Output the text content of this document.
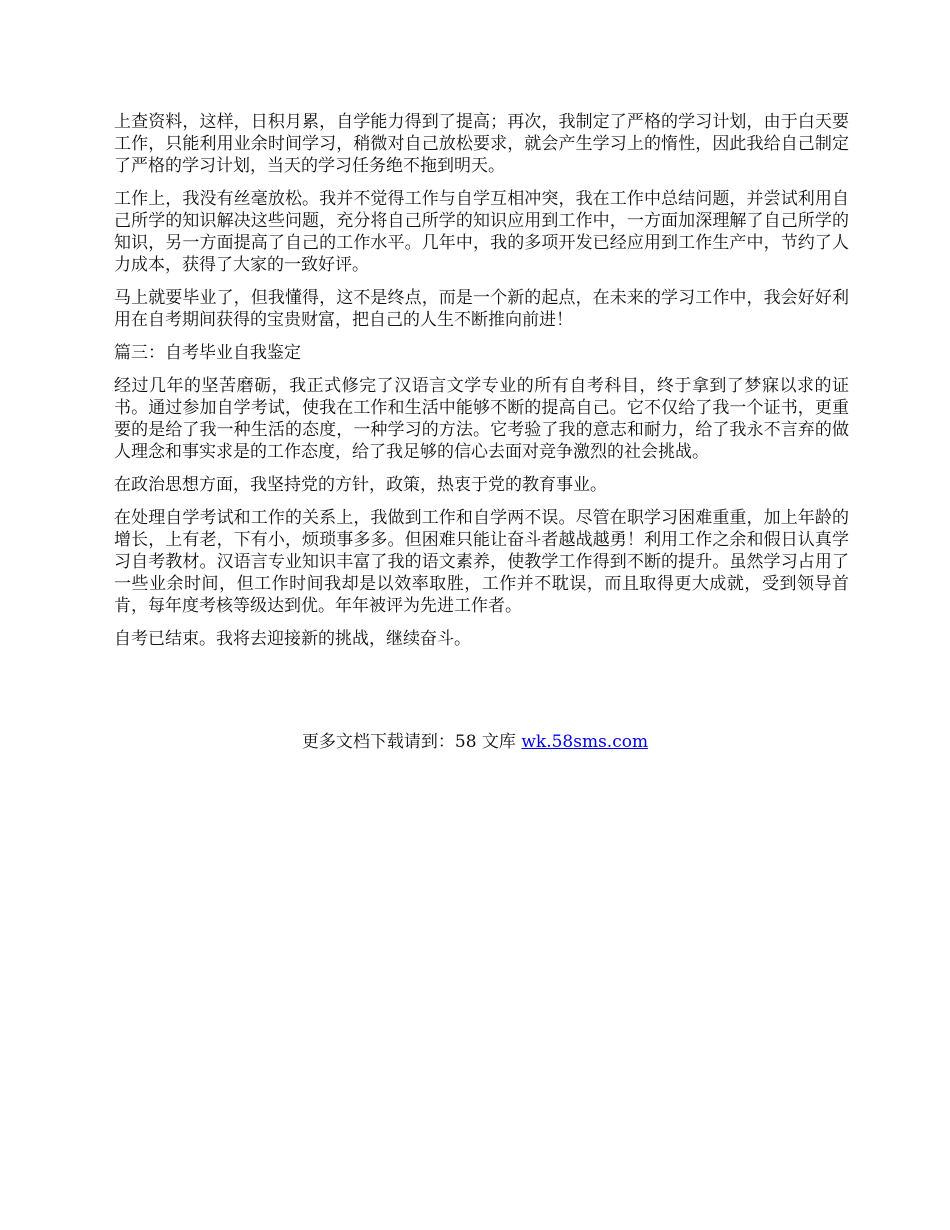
上查资料，这样，日积月累，自学能力得到了提高；再次，我制定了严格的学习计划，由于白天要工作，只能利用业余时间学习，稍微对自己放松要求，就会产生学习上的惰性，因此我给自己制定了严格的学习计划，当天的学习任务绝不拖到明天。

工作上，我没有丝毫放松。我并不觉得工作与自学互相冲突，我在工作中总结问题，并尝试利用自己所学的知识解决这些问题，充分将自己所学的知识应用到工作中，一方面加深理解了自己所学的知识，另一方面提高了自己的工作水平。几年中，我的多项开发已经应用到工作生产中，节约了人力成本，获得了大家的一致好评。

马上就要毕业了，但我懂得，这不是终点，而是一个新的起点，在未来的学习工作中，我会好好利用在自考期间获得的宝贵财富，把自己的人生不断推向前进！

篇三：自考毕业自我鉴定

经过几年的坚苦磨砺，我正式修完了汉语言文学专业的所有自考科目，终于拿到了梦寐以求的证书。通过参加自学考试，使我在工作和生活中能够不断的提高自己。它不仅给了我一个证书，更重要的是给了我一种生活的态度，一种学习的方法。它考验了我的意志和耐力，给了我永不言弃的做人理念和事实求是的工作态度，给了我足够的信心去面对竞争激烈的社会挑战。

在政治思想方面，我坚持党的方针，政策，热衷于党的教育事业。

在处理自学考试和工作的关系上，我做到工作和自学两不误。尽管在职学习困难重重，加上年龄的增长，上有老，下有小，烦琐事多多。但困难只能让奋斗者越战越勇！利用工作之余和假日认真学习自考教材。汉语言专业知识丰富了我的语文素养，使教学工作得到不断的提升。虽然学习占用了一些业余时间，但工作时间我却是以效率取胜，工作并不耽误，而且取得更大成就，受到领导首肯，每年度考核等级达到优。年年被评为先进工作者。

自考已结束。我将去迎接新的挑战，继续奋斗。

更多文档下载请到：58 文库 wk.58sms.com
